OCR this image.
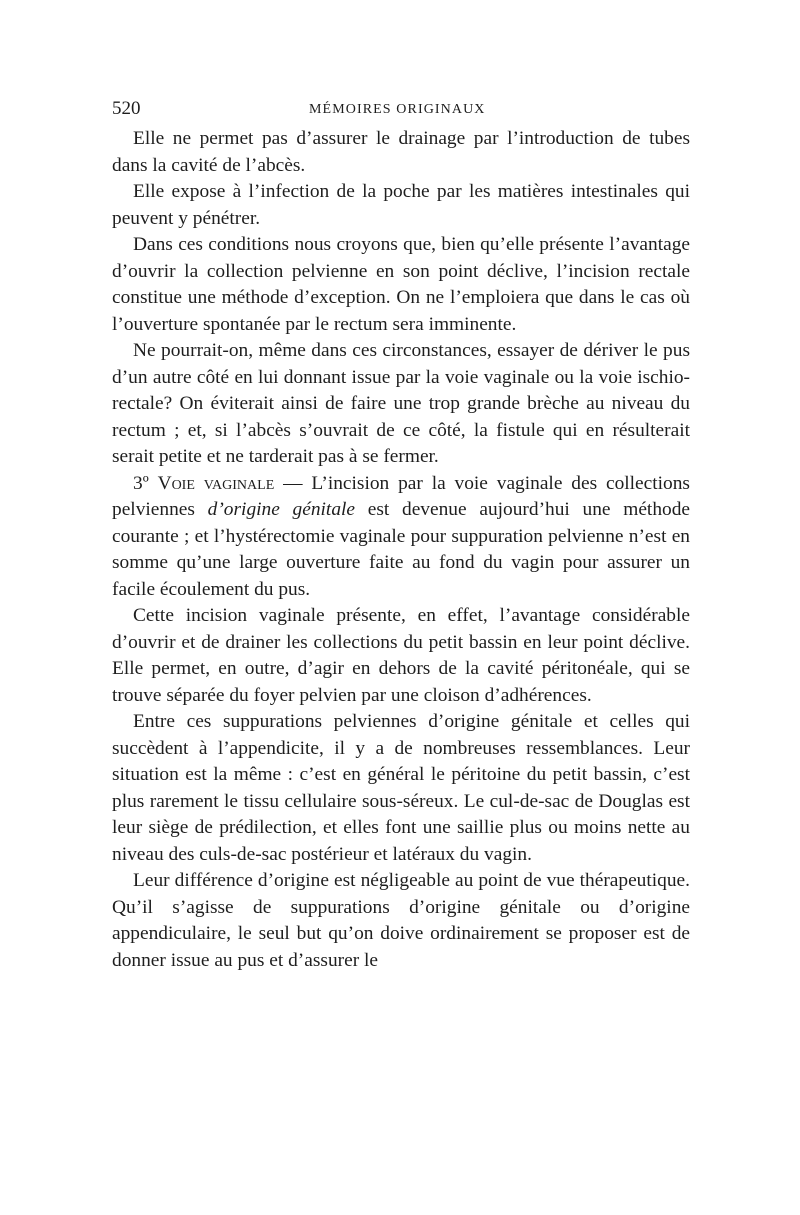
520	MÉMOIRES ORIGINAUX

Elle ne permet pas d’assurer le drainage par l’introduction de tubes dans la cavité de l’abcès.

Elle expose à l’infection de la poche par les matières intestinales qui peuvent y pénétrer.

Dans ces conditions nous croyons que, bien qu’elle présente l’avantage d’ouvrir la collection pelvienne en son point déclive, l’incision rectale constitue une méthode d’exception. On ne l’emploiera que dans le cas où l’ouverture spontanée par le rectum sera imminente.

Ne pourrait-on, même dans ces circonstances, essayer de dériver le pus d’un autre côté en lui donnant issue par la voie vaginale ou la voie ischio-rectale? On éviterait ainsi de faire une trop grande brèche au niveau du rectum ; et, si l’abcès s’ouvrait de ce côté, la fistule qui en résulterait serait petite et ne tarderait pas à se fermer.

3º Voie vaginale — L’incision par la voie vaginale des collections pelviennes d’origine génitale est devenue aujourd’hui une méthode courante ; et l’hystérectomie vaginale pour suppuration pelvienne n’est en somme qu’une large ouverture faite au fond du vagin pour assurer un facile écoulement du pus.

Cette incision vaginale présente, en effet, l’avantage considérable d’ouvrir et de drainer les collections du petit bassin en leur point déclive. Elle permet, en outre, d’agir en dehors de la cavité péritonéale, qui se trouve séparée du foyer pelvien par une cloison d’adhérences.

Entre ces suppurations pelviennes d’origine génitale et celles qui succèdent à l’appendicite, il y a de nombreuses ressemblances. Leur situation est la même : c’est en général le péritoine du petit bassin, c’est plus rarement le tissu cellulaire sous-séreux. Le cul-de-sac de Douglas est leur siège de prédilection, et elles font une saillie plus ou moins nette au niveau des culs-de-sac postérieur et latéraux du vagin.

Leur différence d’origine est négligeable au point de vue thérapeutique. Qu’il s’agisse de suppurations d’origine génitale ou d’origine appendiculaire, le seul but qu’on doive ordinairement se proposer est de donner issue au pus et d’assurer le
